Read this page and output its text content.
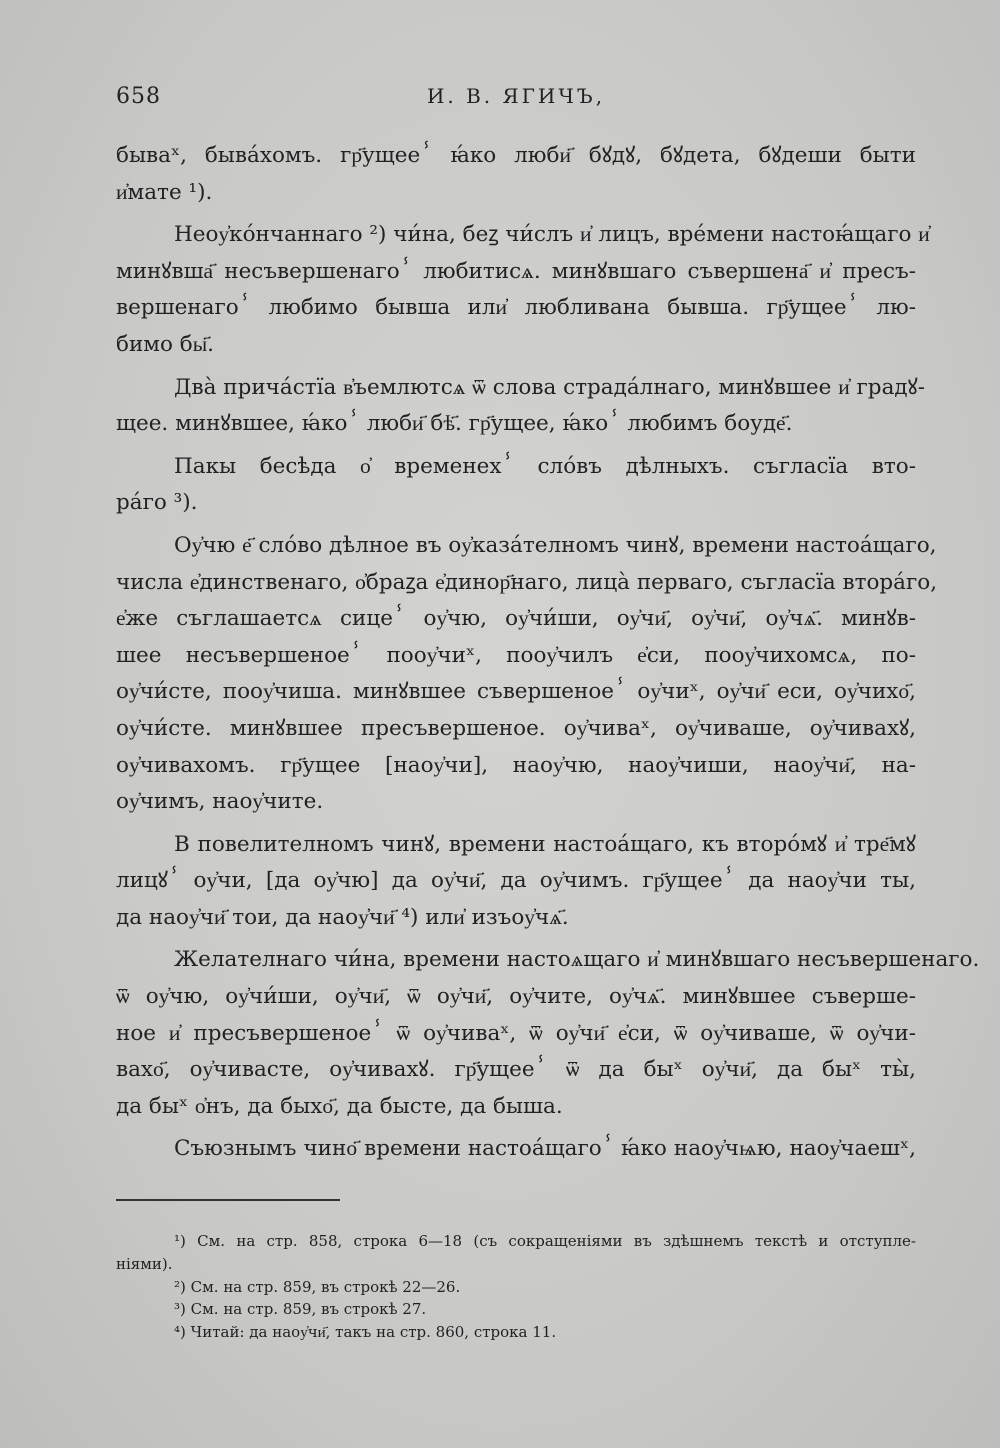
658	И. В. ЯГИЧЪ,
бываˣ, быва́хомъ. гр҃ущееⸯ ꙗ́ко люби҃ бꙋдꙋ, бꙋдета, бꙋдеши быти
и҆мате ¹).
Неоу҆ко́нчаннаго ²) чи́на, беꙁ чи́слъ и҆ лицъ, вре́мени настоꙗ́щаго и҆
минꙋвша҃ несъвершенагоⸯ любитисѧ. минꙋвшаго съвершена҃ и҆ пресъ-
вершенагоⸯ любимо бывша или҆ любливана бывша. гр҃ущееⸯ лю-
бимо бы҃.
Два̀ прича́стїа в҆ъемлютсѧ ѿ слова страда́лнаго, минꙋвшее и҆ градꙋ-
щее. минꙋвшее, ꙗ́коⸯ люби҃ бѣ҃. гр҃ущее, ꙗ́коⸯ любимъ боуде҃.
Пакы бесѣда о҆ временехⸯ сло́въ дѣлныхъ. съгласїа вто-
ра́го ³).
Оу҆чю е҃ сло́во дѣлное въ оу҆каза́телномъ чинꙋ, времени настоа́щаго,
числа е҆динственаго, о҆браꙁа е҆динор҃наго, лица̀ перваго, съгласїа втора́го,
е҆же съглашаетсѧ сицеⸯ оу҆чю, оу҆чи́ши, оу҆чи҃, оу҆чи҃, оу҆чѧ҃. минꙋв-
шее несъвершеноеⸯ пооу҆чиˣ, пооу҆чилъ е҆си, пооу҆чихомсѧ, по-
оу҆чи́сте, пооу҆чиша. минꙋвшее съвершеноеⸯ оу҆чиˣ, оу҆чи҃ еси, оу҆чихо҃,
оу҆чи́сте. минꙋвшее пресъвершеное. оу҆чиваˣ, оу҆чиваше, оу҆чивахꙋ,
оу҆чивахомъ. гр҃ущее [наоу҆чи], наоу҆чю, наоу҆чиши, наоу҆чи҃, на-
оу҆чимъ, наоу҆чите.
В повелителномъ чинꙋ, времени настоа́щаго, къ второ́мꙋ и҆ тре҃мꙋ
лицꙋⸯ оу҆чи, [да оу҆чю] да оу҆чи҃, да оу҆чимъ. гр҃ущееⸯ да наоу҆чи ты,
да наоу҆чи҃ тои, да наоу҆чи҃ ⁴) или҆ изъоу҆чѧ҃.
Желателнаго чи́на, времени настоѧщаго и҆ минꙋвшаго несъвершенаго.
ѿ оу҆чю, оу҆чи́ши, оу҆чи҃, ѿ оу҆чи҃, оу҆чите, оу҆чѧ҃. минꙋвшее съверше-
ное и҆ пресъвершеноеⸯ ѿ оу҆чиваˣ, ѿ оу҆чи҃ е҆си, ѿ оу҆чиваше, ѿ оу҆чи-
вахо҃, оу҆чивасте, оу҆чивахꙋ. гр҃ущееⸯ ѿ да быˣ оу҆чи҃, да быˣ ты̀,
да быˣ о҆нъ, да быхо҃, да бысте, да быша.
Съюзнымъ чино҃ времени настоа́щагоⸯ ꙗ́ко наоу҆чѩю, наоу҆чаешˣ,
¹) См. на стр. 858, строка 6—18 (съ сокращеніями въ здѣшнемъ текстѣ и отступле-
ніями).
²) См. на стр. 859, въ строкѣ 22—26.
³) См. на стр. 859, въ строкѣ 27.
⁴) Читай: да наоу҆чи҃, такъ на стр. 860, строка 11.
